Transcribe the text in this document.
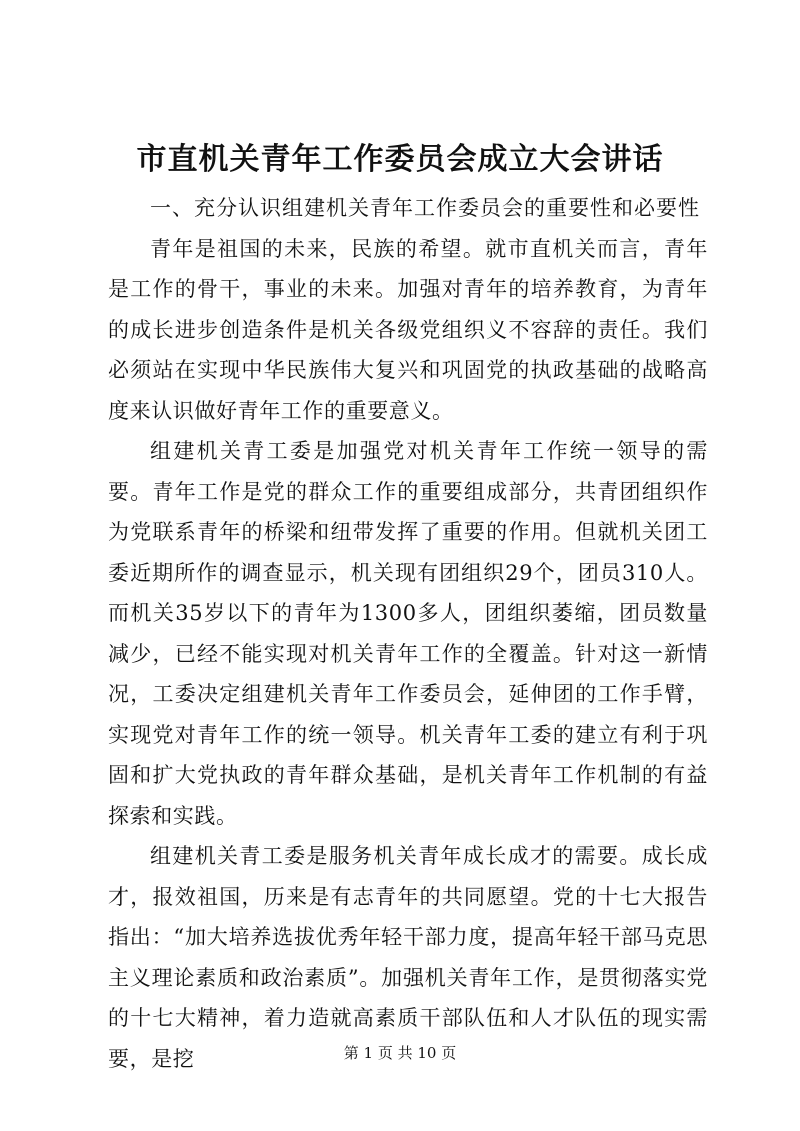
市直机关青年工作委员会成立大会讲话

一、充分认识组建机关青年工作委员会的重要性和必要性

青年是祖国的未来，民族的希望。就市直机关而言，青年是工作的骨干，事业的未来。加强对青年的培养教育，为青年的成长进步创造条件是机关各级党组织义不容辞的责任。我们必须站在实现中华民族伟大复兴和巩固党的执政基础的战略高度来认识做好青年工作的重要意义。

组建机关青工委是加强党对机关青年工作统一领导的需要。青年工作是党的群众工作的重要组成部分，共青团组织作为党联系青年的桥梁和纽带发挥了重要的作用。但就机关团工委近期所作的调查显示，机关现有团组织29个，团员310人。而机关35岁以下的青年为1300多人，团组织萎缩，团员数量减少，已经不能实现对机关青年工作的全覆盖。针对这一新情况，工委决定组建机关青年工作委员会，延伸团的工作手臂，实现党对青年工作的统一领导。机关青年工委的建立有利于巩固和扩大党执政的青年群众基础，是机关青年工作机制的有益探索和实践。

组建机关青工委是服务机关青年成长成才的需要。成长成才，报效祖国，历来是有志青年的共同愿望。党的十七大报告指出：“加大培养选拔优秀年轻干部力度，提高年轻干部马克思主义理论素质和政治素质”。加强机关青年工作，是贯彻落实党的十七大精神，着力造就高素质干部队伍和人才队伍的现实需要，是挖	第 1 页 共 10 页
